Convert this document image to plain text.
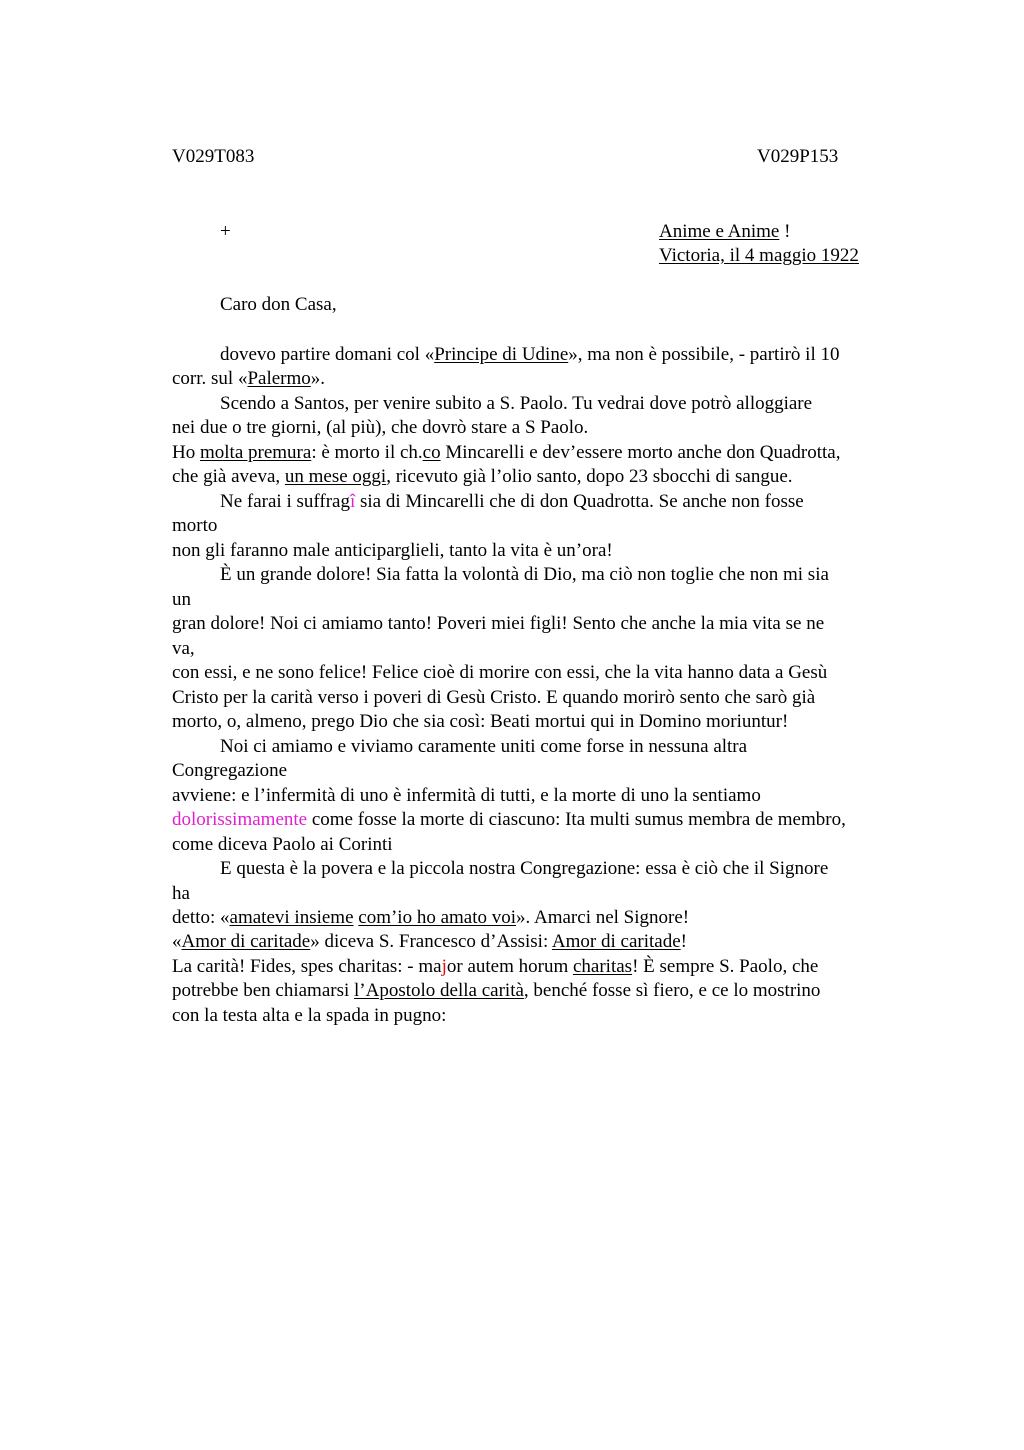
V029T083	V029P153
+	Anime e Anime !
Victoria, il 4 maggio 1922
Caro don Casa,
dovevo partire domani col «Principe di Udine», ma non è possibile, - partirò il 10
corr. sul «Palermo».
Scendo a Santos, per venire subito a S. Paolo. Tu vedrai dove potrò alloggiare
nei due o tre giorni, (al più), che dovrò stare a S Paolo.
Ho molta premura: è morto il ch.co Mincarelli e dev’essere morto anche don Quadrotta,
che già aveva, un mese oggi, ricevuto già l’olio santo, dopo 23 sbocchi di sangue.
Ne farai i suffragî sia di Mincarelli che di don Quadrotta. Se anche non fosse
morto
non gli faranno male anticiparglieli, tanto la vita è un’ora!
È un grande dolore! Sia fatta la volontà di Dio, ma ciò non toglie che non mi sia
un
gran dolore! Noi ci amiamo tanto! Poveri miei figli! Sento che anche la mia vita se ne
va,
con essi, e ne sono felice! Felice cioè di morire con essi, che la vita hanno data a Gesù
Cristo per la carità verso i poveri di Gesù Cristo. E quando morirò sento che sarò già
morto, o, almeno, prego Dio che sia così: Beati mortui qui in Domino moriuntur!
Noi ci amiamo e viviamo caramente uniti come forse in nessuna altra
Congregazione
avviene: e l’infermità di uno è infermità di tutti, e la morte di uno la sentiamo
dolorissimamente come fosse la morte di ciascuno: Ita multi sumus membra de membro,
come diceva Paolo ai Corinti
E questa è la povera e la piccola nostra Congregazione: essa è ciò che il Signore
ha
detto: «amatevi insieme com’io ho amato voi». Amarci nel Signore!
«Amor di caritade» diceva S. Francesco d’Assisi: Amor di caritade!
La carità! Fides, spes charitas: - major autem horum charitas! È sempre S. Paolo, che
potrebbe ben chiamarsi l’Apostolo della carità, benché fosse sì fiero, e ce lo mostrino
con la testa alta e la spada in pugno:
